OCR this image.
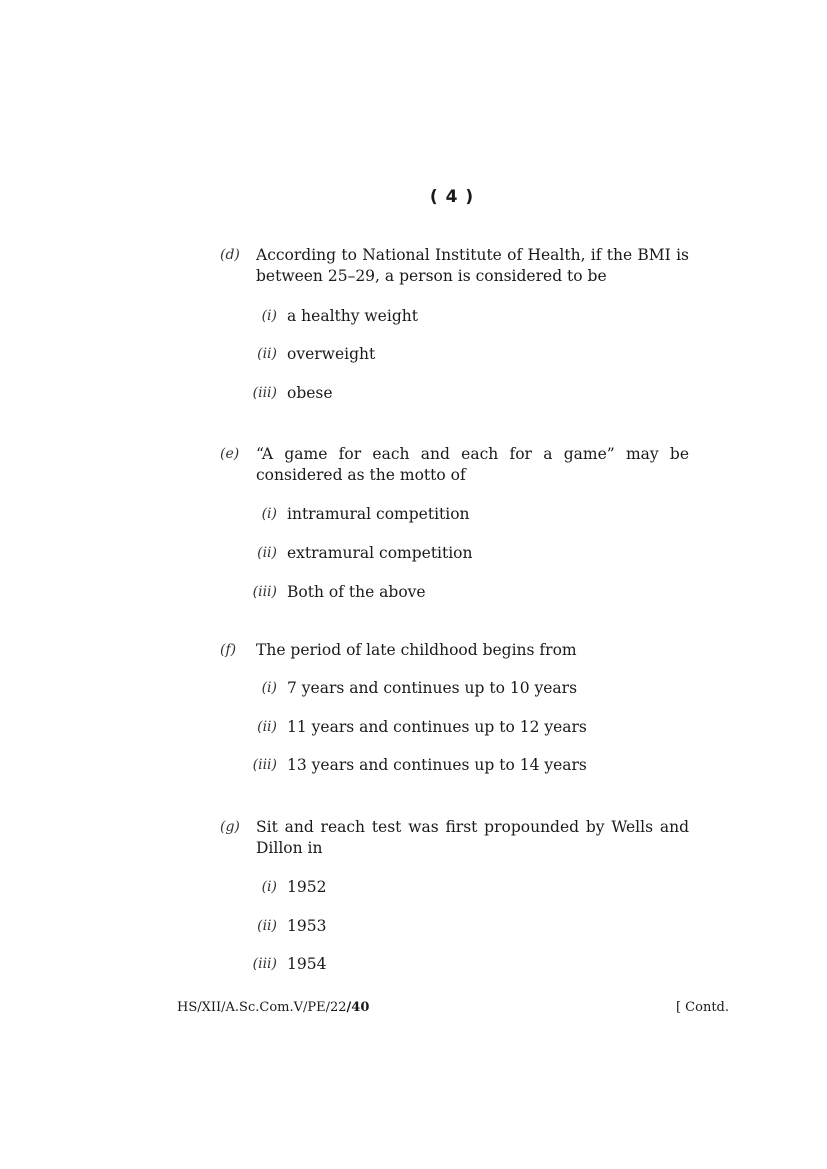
( 4 )
(d) According to National Institute of Health, if the BMI is between 25–29, a person is considered to be
(i) a healthy weight
(ii) overweight
(iii) obese
(e) “A game for each and each for a game” may be considered as the motto of
(i) intramural competition
(ii) extramural competition
(iii) Both of the above
(f) The period of late childhood begins from
(i) 7 years and continues up to 10 years
(ii) 11 years and continues up to 12 years
(iii) 13 years and continues up to 14 years
(g) Sit and reach test was first propounded by Wells and Dillon in
(i) 1952
(ii) 1953
(iii) 1954
HS/XII/A.Sc.Com.V/PE/22/40	[ Contd.
